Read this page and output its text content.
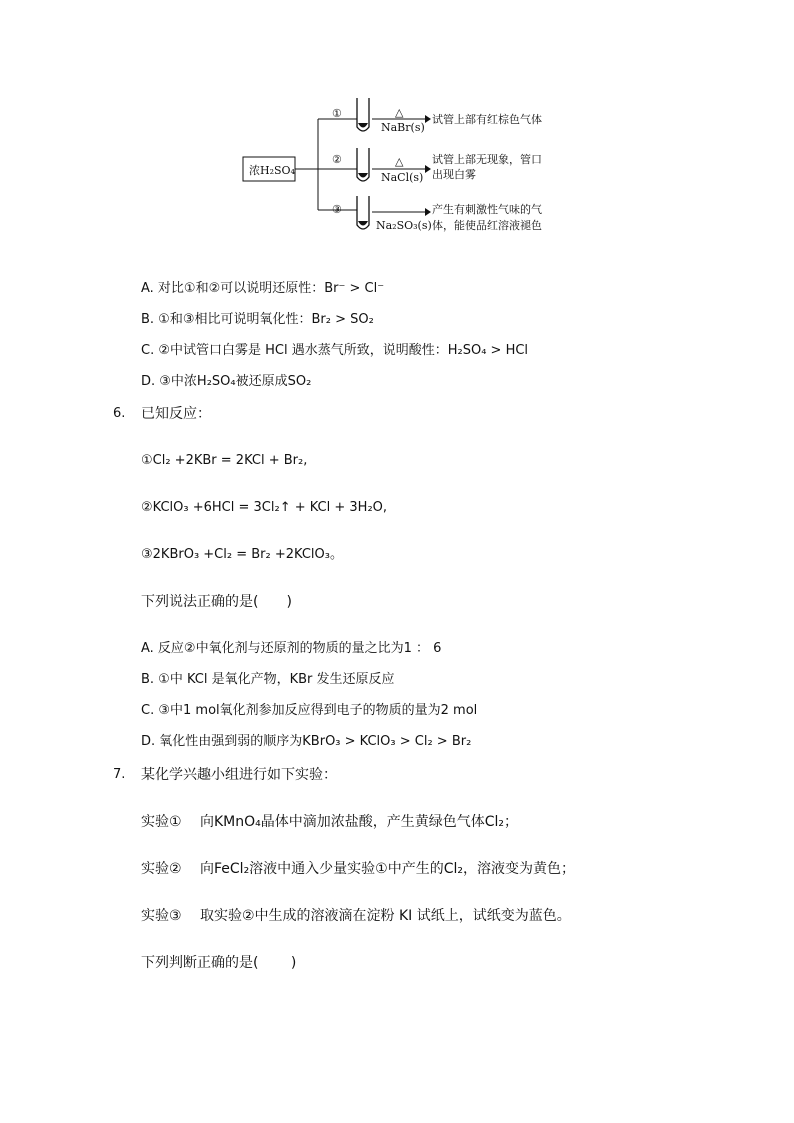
浓H₂SO₄
①	△
NaBr(s)
试管上部有红棕色气体
②	△
NaCl(s)
试管上部无现象，管口
出现白雾
③
Na₂SO₃(s)
产生有刺激性气味的气
体，能使品红溶液褪色
A. 对比①和②可以说明还原性：Br⁻ > Cl⁻
B. ①和③相比可说明氧化性：Br₂ > SO₂
C. ②中试管口白雾是 HCl 遇水蒸气所致，说明酸性：H₂SO₄ > HCl
D. ③中浓H₂SO₄被还原成SO₂
6. 已知反应：
①Cl₂ +2KBr = 2KCl + Br₂,
②KClO₃ +6HCl = 3Cl₂↑ + KCl + 3H₂O,
③2KBrO₃ +Cl₂ = Br₂ +2KClO₃。
下列说法正确的是(　　)
A. 反应②中氧化剂与还原剂的物质的量之比为1 ： 6
B. ①中 KCl 是氧化产物，KBr 发生还原反应
C. ③中1 mol氧化剂参加反应得到电子的物质的量为2 mol
D. 氧化性由强到弱的顺序为KBrO₃ > KClO₃ > Cl₂ > Br₂
7. 某化学兴趣小组进行如下实验：
实验①　 向KMnO₄晶体中滴加浓盐酸，产生黄绿色气体Cl₂；
实验②　 向FeCl₂溶液中通入少量实验①中产生的Cl₂，溶液变为黄色；
实验③　 取实验②中生成的溶液滴在淀粉 KI 试纸上，试纸变为蓝色。
下列判断正确的是(　　 )
